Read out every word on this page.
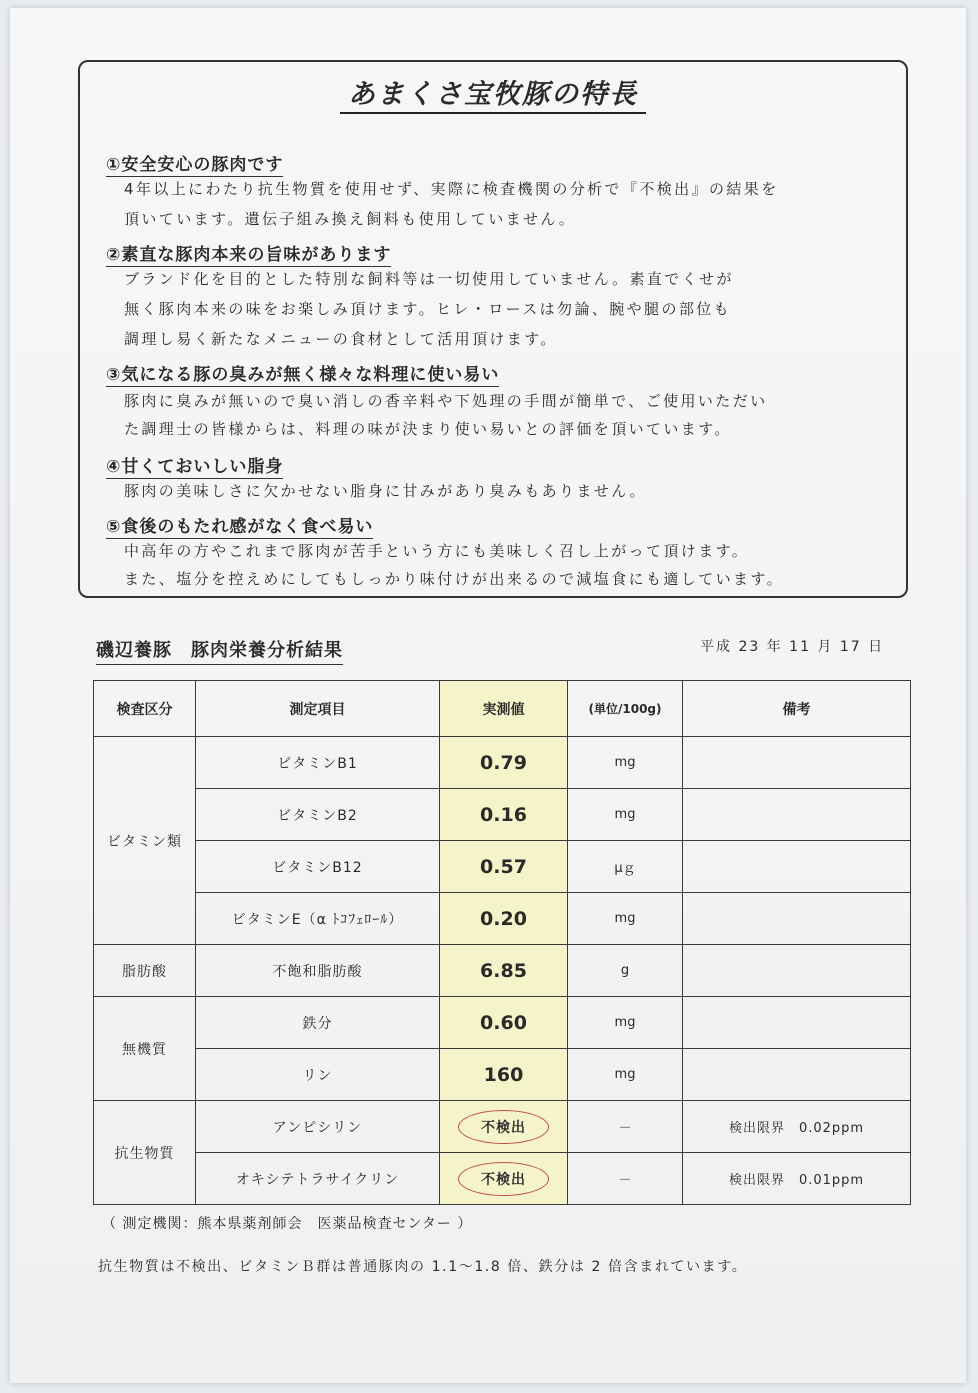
あまくさ宝牧豚の特長
①安全安心の豚肉です
4年以上にわたり抗生物質を使用せず、実際に検査機関の分析で『不検出』の結果を
頂いています。遺伝子組み換え飼料も使用していません。
②素直な豚肉本来の旨味があります
ブランド化を目的とした特別な飼料等は一切使用していません。素直でくせが
無く豚肉本来の味をお楽しみ頂けます。ヒレ・ロースは勿論、腕や腿の部位も
調理し易く新たなメニューの食材として活用頂けます。
③気になる豚の臭みが無く様々な料理に使い易い
豚肉に臭みが無いので臭い消しの香辛料や下処理の手間が簡単で、ご使用いただい
た調理士の皆様からは、料理の味が決まり使い易いとの評価を頂いています。
④甘くておいしい脂身
豚肉の美味しさに欠かせない脂身に甘みがあり臭みもありません。
⑤食後のもたれ感がなく食べ易い
中高年の方やこれまで豚肉が苦手という方にも美味しく召し上がって頂けます。
また、塩分を控えめにしてもしっかり味付けが出来るので減塩食にも適しています。
磯辺養豚　豚肉栄養分析結果	平成 23 年 11 月 17 日
検査区分	測定項目	実測値	(単位/100g)	備考
ビタミン類	ビタミンB1	0.79	mg	
	ビタミンB2	0.16	mg	
	ビタミンB12	0.57	μｇ	
	ビタミンE（α ﾄｺﾌｪﾛｰﾙ）	0.20	mg	
脂肪酸	不飽和脂肪酸	6.85	g	
無機質	鉄分	0.60	mg	
	リン	160	mg	
抗生物質	アンピシリン	不検出	－	検出限界　0.02ppm
	オキシテトラサイクリン	不検出	－	検出限界　0.01ppm
（ 測定機関：熊本県薬剤師会　医薬品検査センター ）
抗生物質は不検出、ビタミンＢ群は普通豚肉の 1.1～1.8 倍、鉄分は 2 倍含まれています。
